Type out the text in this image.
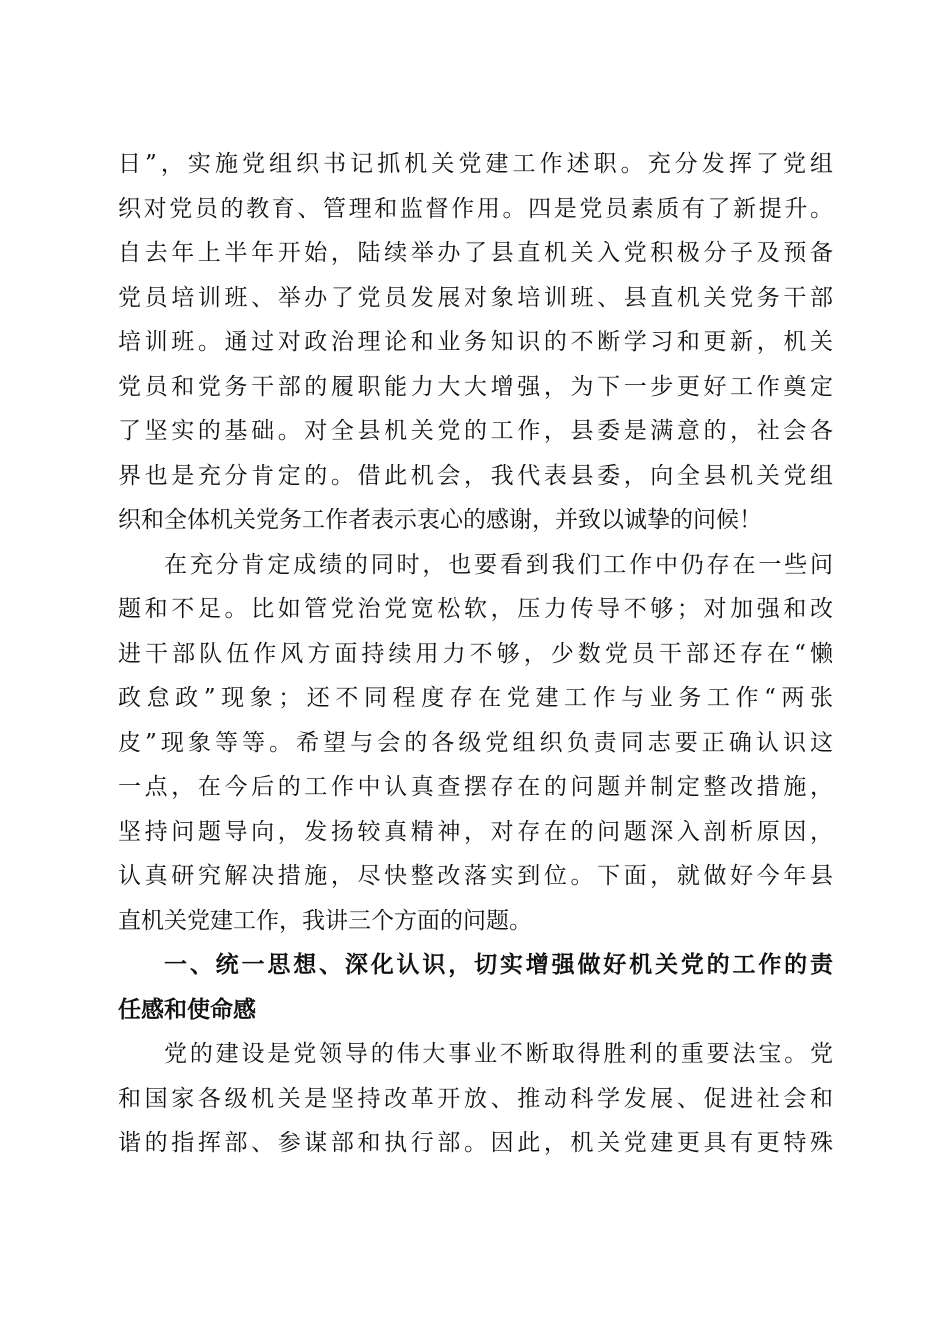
日”，实施党组织书记抓机关党建工作述职。充分发挥了党组
织对党员的教育、管理和监督作用。四是党员素质有了新提升。
自去年上半年开始，陆续举办了县直机关入党积极分子及预备
党员培训班、举办了党员发展对象培训班、县直机关党务干部
培训班。通过对政治理论和业务知识的不断学习和更新，机关
党员和党务干部的履职能力大大增强，为下一步更好工作奠定
了坚实的基础。对全县机关党的工作，县委是满意的，社会各
界也是充分肯定的。借此机会，我代表县委，向全县机关党组
织和全体机关党务工作者表示衷心的感谢，并致以诚挚的问候！
在充分肯定成绩的同时，也要看到我们工作中仍存在一些问
题和不足。比如管党治党宽松软，压力传导不够；对加强和改
进干部队伍作风方面持续用力不够，少数党员干部还存在“懒
政怠政”现象；还不同程度存在党建工作与业务工作“两张
皮”现象等等。希望与会的各级党组织负责同志要正确认识这
一点，在今后的工作中认真查摆存在的问题并制定整改措施，
坚持问题导向，发扬较真精神，对存在的问题深入剖析原因，
认真研究解决措施，尽快整改落实到位。下面，就做好今年县
直机关党建工作，我讲三个方面的问题。
一、统一思想、深化认识，切实增强做好机关党的工作的责
任感和使命感
党的建设是党领导的伟大事业不断取得胜利的重要法宝。党
和国家各级机关是坚持改革开放、推动科学发展、促进社会和
谐的指挥部、参谋部和执行部。因此，机关党建更具有更特殊
